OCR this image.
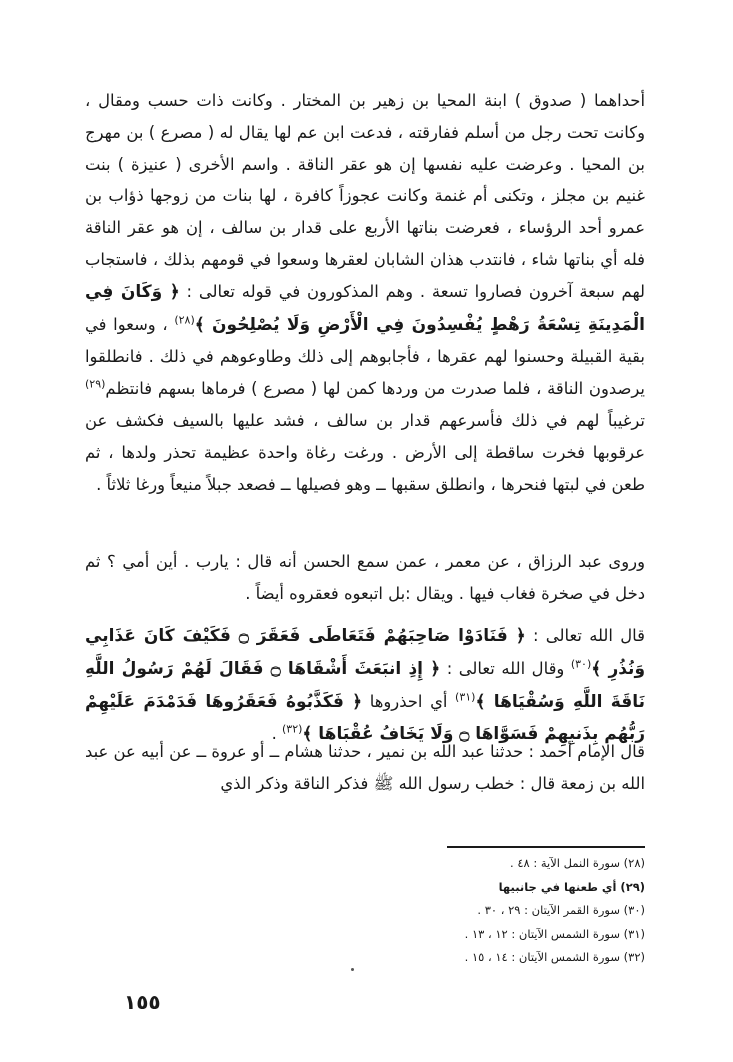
أحداهما ( صدوق ) ابنة المحيا بن زهير بن المختار . وكانت ذات حسب ومقال ، وكانت تحت رجل من أسلم ففارقته ، فدعت ابن عم لها يقال له ( مصرع ) بن مهرج بن المحيا . وعرضت عليه نفسها إن هو عقر الناقة . واسم الأخرى ( عنيزة ) بنت غنيم بن مجلز ، وتكنى أم غنمة وكانت عجوزاً كافرة ، لها بنات من زوجها ذؤاب بن عمرو أحد الرؤساء ، فعرضت بناتها الأربع على قدار بن سالف ، إن هو عقر الناقة فله أي بناتها شاء ، فانتدب هذان الشابان لعقرها وسعوا في قومهم بذلك ، فاستجاب لهم سبعة آخرون فصاروا تسعة . وهم المذكورون في قوله تعالى : ﴿ وَكَانَ فِي الْمَدِينَةِ تِسْعَةُ رَهْطٍ يُفْسِدُونَ فِي الْأَرْضِ وَلَا يُصْلِحُونَ ﴾$^{(٢٨)}$ ، وسعوا في بقية القبيلة وحسنوا لهم عقرها ، فأجابوهم إلى ذلك وطاوعوهم في ذلك . فانطلقوا يرصدون الناقة ، فلما صدرت من وردها كمن لها ( مصرع ) فرماها بسهم فانتظم$^{(٢٩)}$ ترغيباً لهم في ذلك فأسرعهم قدار بن سالف ، فشد عليها بالسيف فكشف عن عرقوبها فخرت ساقطة إلى الأرض . ورغت رغاة واحدة عظيمة تحذر ولدها ، ثم طعن في لبتها فنحرها ، وانطلق سقبها ــ وهو فصيلها ــ فصعد جبلاً منيعاً ورغا ثلاثاً .

وروى عبد الرزاق ، عن معمر ، عمن سمع الحسن أنه قال : يارب . أين أمي ؟ ثم دخل في صخرة فغاب فيها . ويقال :بل اتبعوه فعقروه أيضاً .

قال الله تعالى : ﴿ فَنَادَوْا صَاحِبَهُمْ فَتَعَاطَى فَعَقَرَ ۝ فَكَيْفَ كَانَ عَذَابِي وَنُذُرِ ﴾$^{(٣٠)}$ وقال الله تعالى : ﴿ إِذِ انبَعَثَ أَشْقَاهَا ۝ فَقَالَ لَهُمْ رَسُولُ اللَّهِ نَاقَةَ اللَّهِ وَسُقْيَاهَا ﴾$^{(٣١)}$ أي احذروها ﴿ فَكَذَّبُوهُ فَعَقَرُوهَا فَدَمْدَمَ عَلَيْهِمْ رَبُّهُم بِذَنبِهِمْ فَسَوَّاهَا ۝ وَلَا يَخَافُ عُقْبَاهَا ﴾$^{(٣٢)}$ .

قال الإمام أحمد : حدثنا عبد الله بن نمير ، حدثنا هشام ــ أو عروة ــ عن أبيه عن عبد الله بن زمعة قال : خطب رسول الله ﷺ فذكر الناقة وذكر الذي

(٢٨) سورة النمل الآية : ٤٨ .
(٢٩) أي طعنها في جانبيها
(٣٠) سورة القمر الآيتان : ٢٩ ، ٣٠ .
(٣١) سورة الشمس الآيتان : ١٢ ، ١٣ .
(٣٢) سورة الشمس الآيتان : ١٤ ، ١٥ .
١٥٥
